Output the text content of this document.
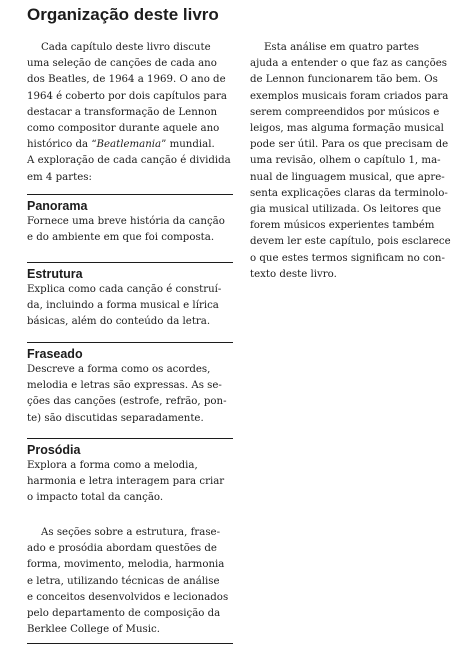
Organização deste livro
Cada capítulo deste livro discute
uma seleção de canções de cada ano
dos Beatles, de 1964 a 1969. O ano de
1964 é coberto por dois capítulos para
destacar a transformação de Lennon
como compositor durante aquele ano
histórico da “Beatlemania” mundial.
A exploração de cada canção é dividida
em 4 partes:
Panorama
Fornece uma breve história da canção
e do ambiente em que foi composta.
Estrutura
Explica como cada canção é construí-
da, incluindo a forma musical e lírica
básicas, além do conteúdo da letra.
Fraseado
Descreve a forma como os acordes,
melodia e letras são expressas. As se-
ções das canções (estrofe, refrão, pon-
te) são discutidas separadamente.
Prosódia
Explora a forma como a melodia,
harmonia e letra interagem para criar
o impacto total da canção.
As seções sobre a estrutura, frase-
ado e prosódia abordam questões de
forma, movimento, melodia, harmonia
e letra, utilizando técnicas de análise
e conceitos desenvolvidos e lecionados
pelo departamento de composição da
Berklee College of Music.
Esta análise em quatro partes
ajuda a entender o que faz as canções
de Lennon funcionarem tão bem. Os
exemplos musicais foram criados para
serem compreendidos por músicos e
leigos, mas alguma formação musical
pode ser útil. Para os que precisam de
uma revisão, olhem o capítulo 1, ma-
nual de linguagem musical, que apre-
senta explicações claras da terminolo-
gia musical utilizada. Os leitores que
forem músicos experientes também
devem ler este capítulo, pois esclarece
o que estes termos significam no con-
texto deste livro.
